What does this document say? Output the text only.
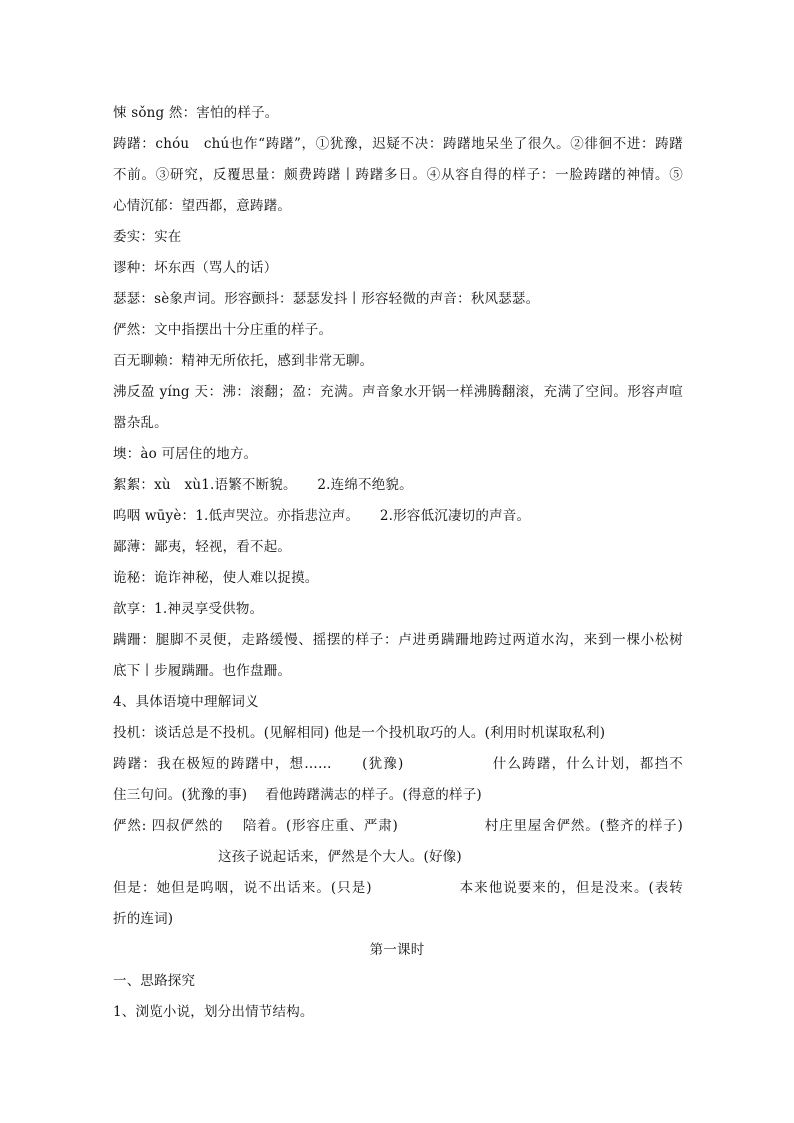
悚 sǒng 然：害怕的样子。
踌躇：chóu　chú也作“踌躇”，①犹豫，迟疑不决：踌躇地呆坐了很久。②徘徊不进：踌躇
不前。③研究，反覆思量：颇费踌躇丨踌躇多日。④从容自得的样子：一脸踌躇的神情。⑤
心情沉郁：望西都，意踌躇。
委实：实在
谬种：坏东西（骂人的话）
瑟瑟：sè象声词。形容颤抖：瑟瑟发抖丨形容轻微的声音：秋风瑟瑟。
俨然：文中指摆出十分庄重的样子。
百无聊赖：精神无所依托，感到非常无聊。
沸反盈 yíng 天：沸：滚翻；盈：充满。声音象水开锅一样沸腾翻滚，充满了空间。形容声喧
嚣杂乱。
墺：ào 可居住的地方。
絮絮：xù　xù1.语繁不断貌。　　2.连绵不绝貌。
呜咽 wūyè：1.低声哭泣。亦指悲泣声。　　2.形容低沉凄切的声音。
鄙薄：鄙夷，轻视，看不起。
诡秘：诡诈神秘，使人难以捉摸。
歆享：1.神灵享受供物。
蹒跚：腿脚不灵便，走路缓慢、摇摆的样子：卢进勇蹒跚地跨过两道水沟，来到一棵小松树
底下丨步履蹒跚。也作盘跚。
4、具体语境中理解词义
投机：谈话总是不投机。(见解相同) 他是一个投机取巧的人。(利用时机谋取私利)
踌躇：我在极短的踌躇中，想……　　(犹豫)　　　　　　什么踌躇，什么计划，都挡不
住三句问。(犹豫的事)　 看他踌躇满志的样子。(得意的样子)
俨然: 四叔俨然的　 陪着。(形容庄重、严肃)　　　　　　村庄里屋舍俨然。(整齐的样子)
这孩子说起话来，俨然是个大人。(好像)
但是：她但是呜咽，说不出话来。(只是)　　　　　　本来他说要来的，但是没来。(表转
折的连词)
第一课时
一、思路探究
1、浏览小说，划分出情节结构。
